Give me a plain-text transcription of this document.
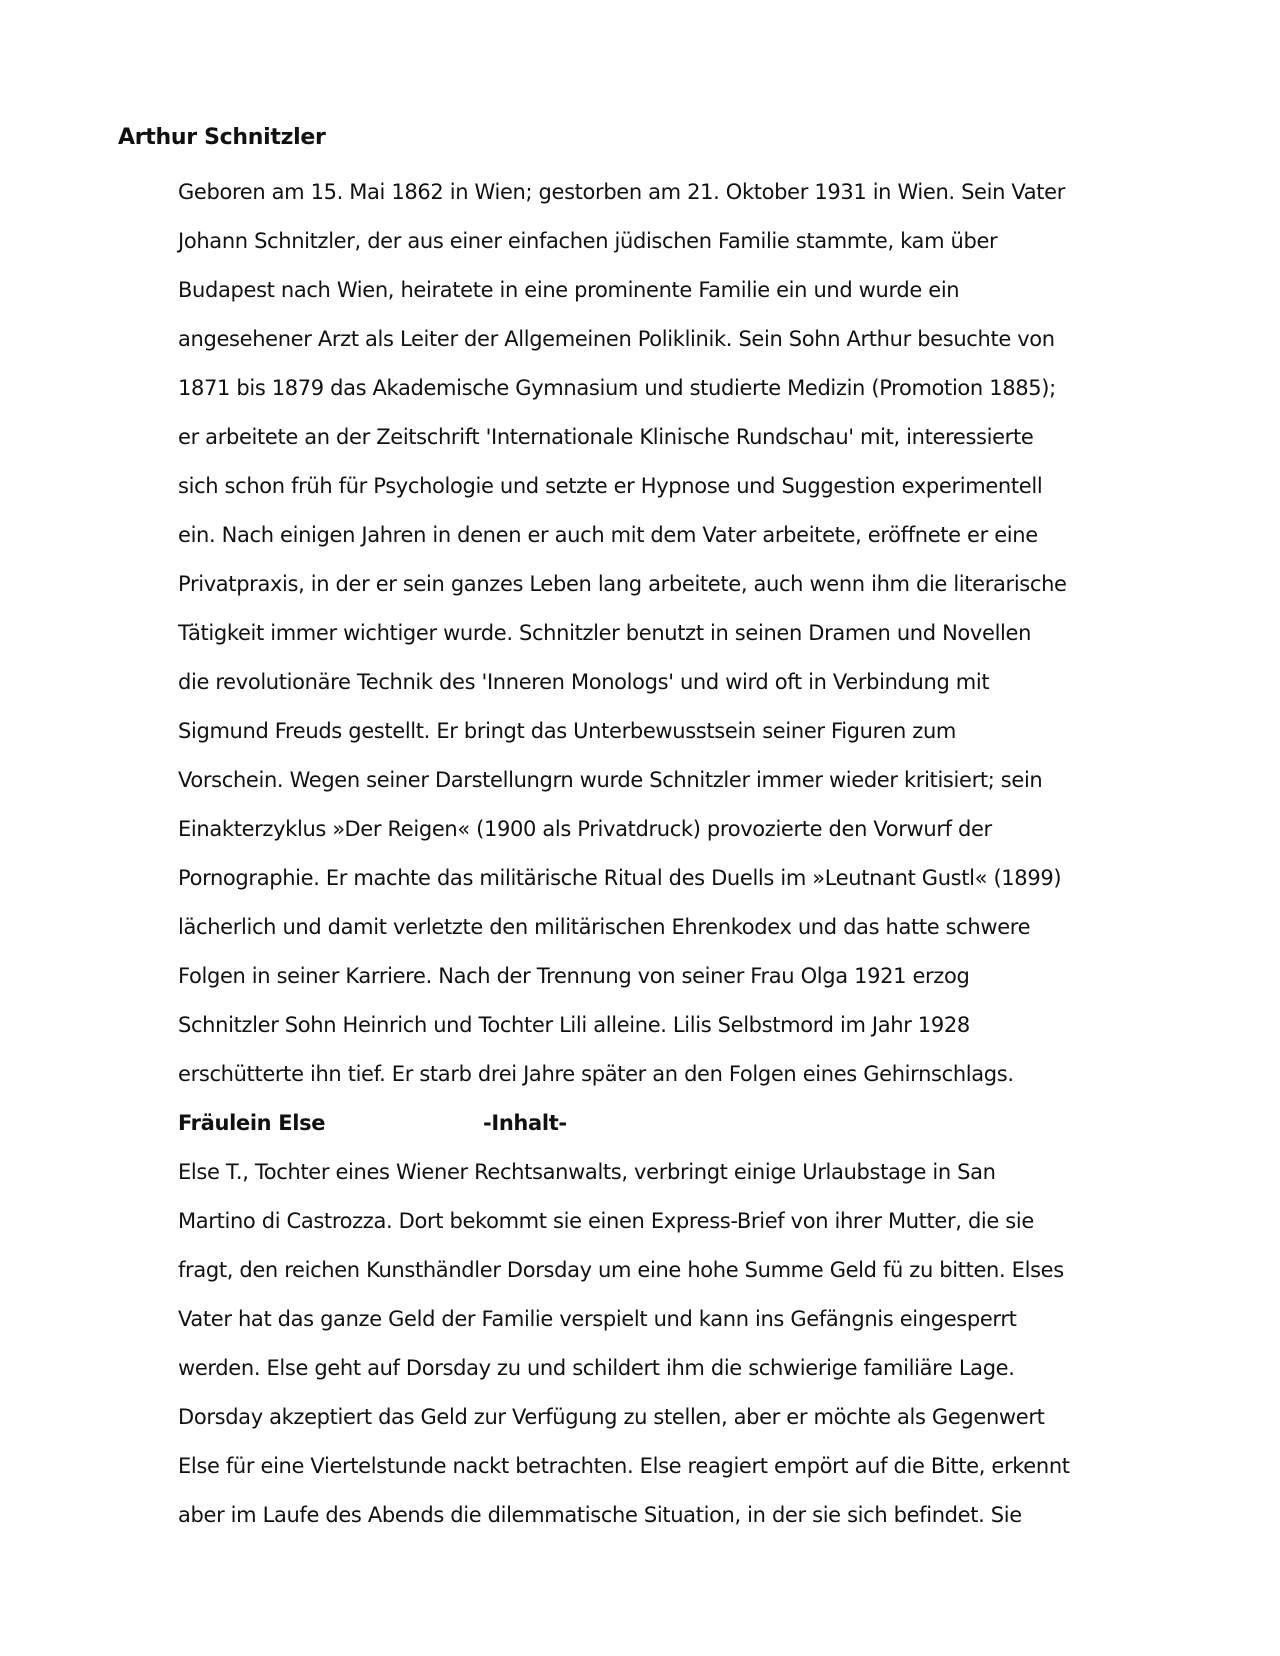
Arthur Schnitzler
Geboren am 15. Mai 1862 in Wien; gestorben am 21. Oktober 1931 in Wien. Sein Vater
Johann Schnitzler, der aus einer einfachen jüdischen Familie stammte, kam über
Budapest nach Wien, heiratete in eine prominente Familie ein und wurde ein
angesehener Arzt als Leiter der Allgemeinen Poliklinik. Sein Sohn Arthur besuchte von
1871 bis 1879 das Akademische Gymnasium und studierte Medizin (Promotion 1885);
er arbeitete an der Zeitschrift 'Internationale Klinische Rundschau' mit, interessierte
sich schon früh für Psychologie und setzte er Hypnose und Suggestion experimentell
ein. Nach einigen Jahren in denen er auch mit dem Vater arbeitete, eröffnete er eine
Privatpraxis, in der er sein ganzes Leben lang arbeitete, auch wenn ihm die literarische
Tätigkeit immer wichtiger wurde. Schnitzler benutzt in seinen Dramen und Novellen
die revolutionäre Technik des 'Inneren Monologs' und wird oft in Verbindung mit
Sigmund Freuds gestellt. Er bringt das Unterbewusstsein seiner Figuren zum
Vorschein. Wegen seiner Darstellungrn wurde Schnitzler immer wieder kritisiert; sein
Einakterzyklus »Der Reigen« (1900 als Privatdruck) provozierte den Vorwurf der
Pornographie. Er machte das militärische Ritual des Duells im »Leutnant Gustl« (1899)
lächerlich und damit verletzte den militärischen Ehrenkodex und das hatte schwere
Folgen in seiner Karriere. Nach der Trennung von seiner Frau Olga 1921 erzog
Schnitzler Sohn Heinrich und Tochter Lili alleine. Lilis Selbstmord im Jahr 1928
erschütterte ihn tief. Er starb drei Jahre später an den Folgen eines Gehirnschlags.
Fräulein Else	-Inhalt-
Else T., Tochter eines Wiener Rechtsanwalts, verbringt einige Urlaubstage in San
Martino di Castrozza. Dort bekommt sie einen Express-Brief von ihrer Mutter, die sie
fragt, den reichen Kunsthändler Dorsday um eine hohe Summe Geld fü zu bitten. Elses
Vater hat das ganze Geld der Familie verspielt und kann ins Gefängnis eingesperrt
werden. Else geht auf Dorsday zu und schildert ihm die schwierige familiäre Lage.
Dorsday akzeptiert das Geld zur Verfügung zu stellen, aber er möchte als Gegenwert
Else für eine Viertelstunde nackt betrachten. Else reagiert empört auf die Bitte, erkennt
aber im Laufe des Abends die dilemmatische Situation, in der sie sich befindet. Sie
